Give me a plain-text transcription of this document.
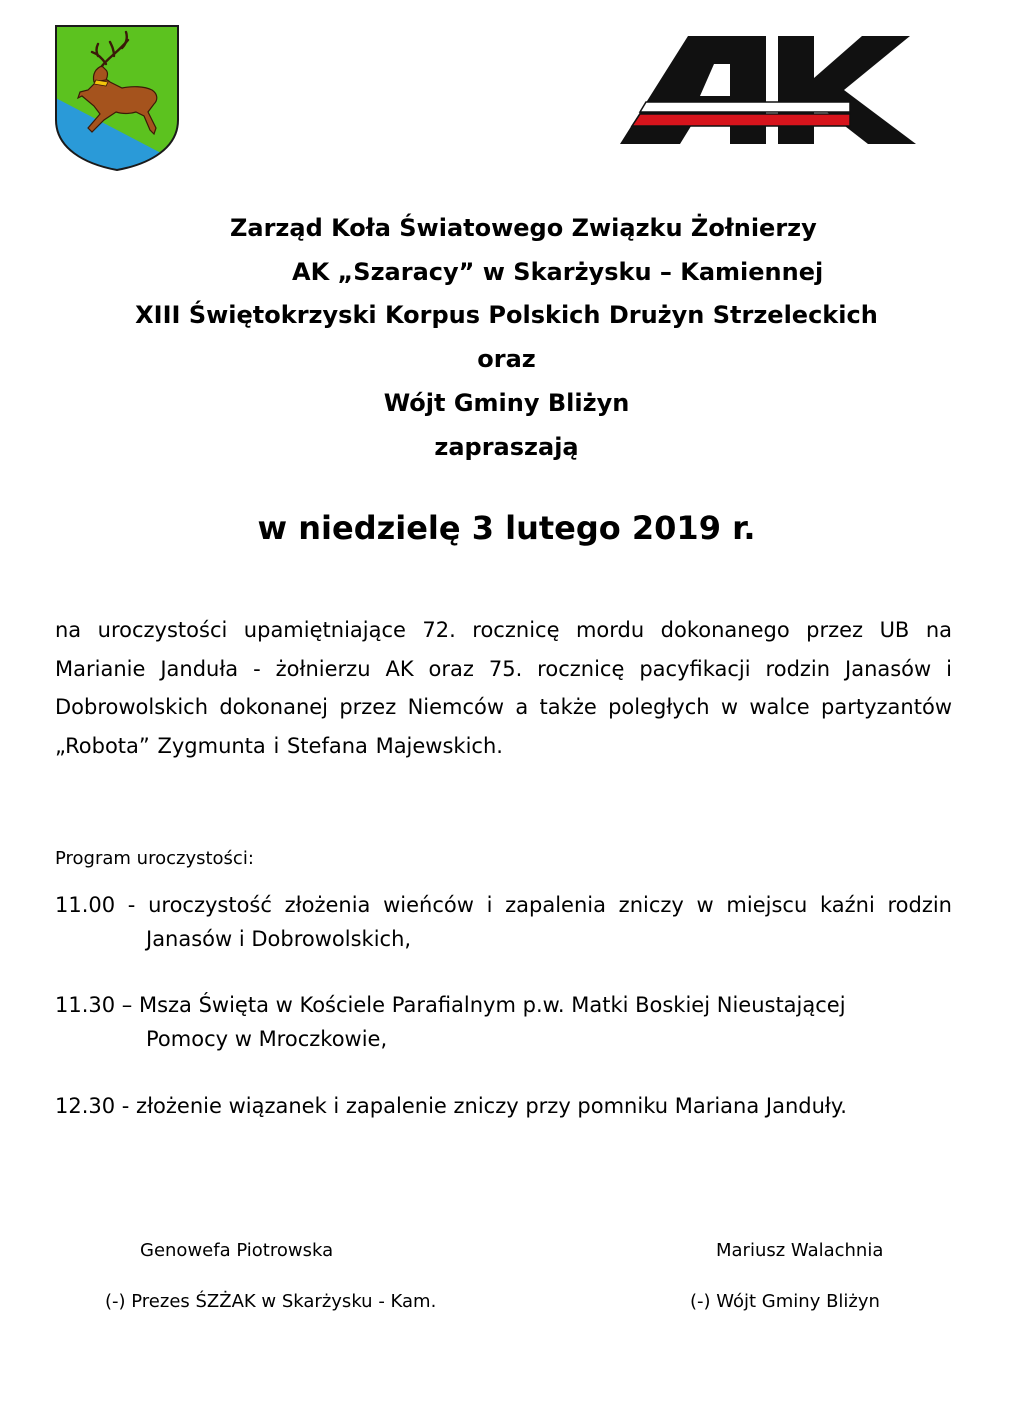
Zarząd Koła Światowego Związku Żołnierzy
AK „Szaracy” w Skarżysku – Kamiennej
XIII Świętokrzyski Korpus Polskich Drużyn Strzeleckich
oraz
Wójt Gminy Bliżyn
zapraszają
w niedzielę 3 lutego 2019 r.
na uroczystości upamiętniające 72. rocznicę mordu dokonanego przez UB na Marianie Janduła - żołnierzu AK oraz 75. rocznicę pacyfikacji rodzin Janasów i Dobrowolskich dokonanej przez Niemców a także poległych w walce partyzantów „Robota” Zygmunta i Stefana Majewskich.
Program uroczystości:
11.00 - uroczystość złożenia wieńców i zapalenia zniczy w miejscu kaźni rodzin
Janasów i Dobrowolskich,
11.30 – Msza Święta w Kościele Parafialnym p.w. Matki Boskiej Nieustającej
Pomocy w Mroczkowie,
12.30 - złożenie wiązanek i zapalenie zniczy przy pomniku Mariana Janduły.
Genowefa Piotrowska
(-) Prezes ŚZŻAK w Skarżysku - Kam.
Mariusz Walachnia
(-) Wójt Gminy Bliżyn
